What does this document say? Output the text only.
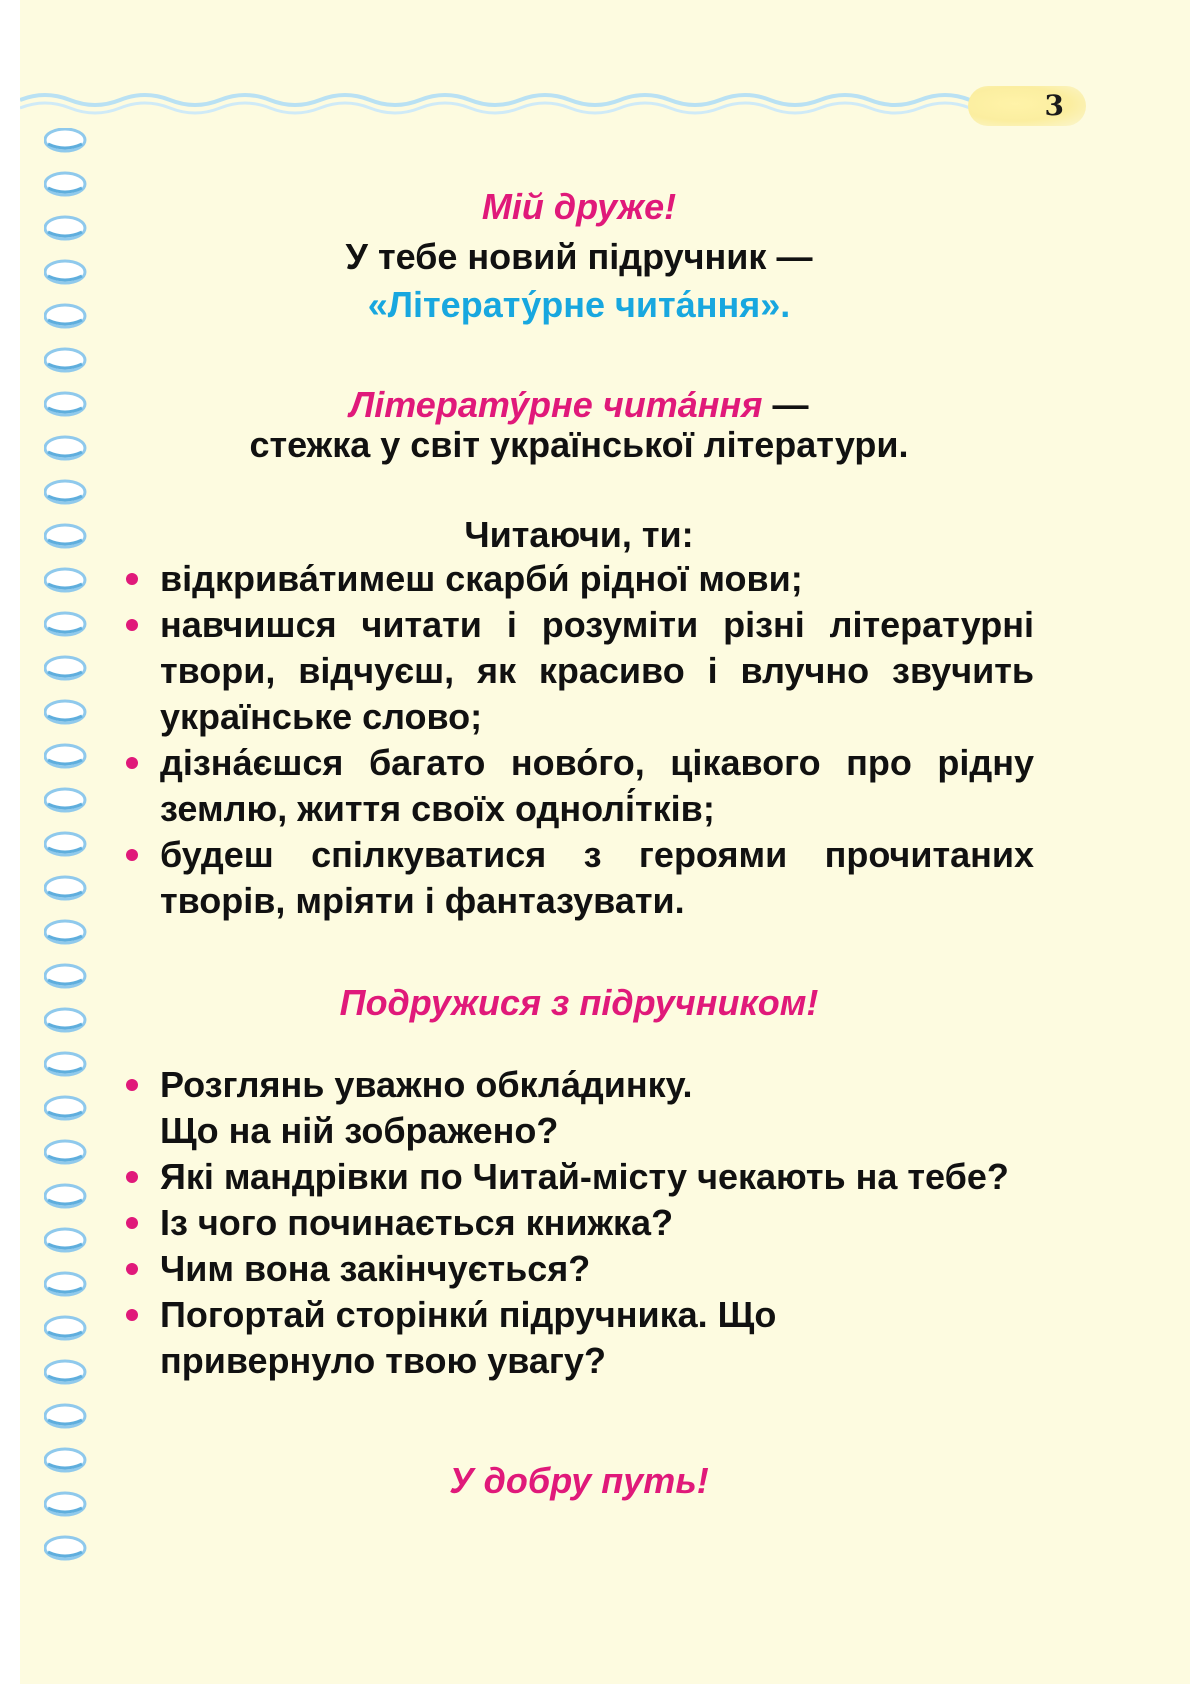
3
Мій друже!
У тебе новий підручник —
«Літерату́рне чита́ння».
Літерату́рне чита́ння —
стежка у світ української літератури.
Читаючи, ти:
відкрива́тимеш скарби́ рідної мови;
навчишся читати і розуміти різні літературні твори, відчуєш, як красиво і влучно звучить українське слово;
дізна́єшся багато ново́го, цікавого про рідну землю, життя своїх однолі́тків;
будеш спілкуватися з героями прочитаних творів, мріяти і фантазувати.
Подружися з підручником!
Розглянь уважно обкла́динку. Що на ній зображено?
Які мандрівки по Читай-місту чекають на тебе?
Із чого починається книжка?
Чим вона закінчується?
Погортай сторінки́ підручника. Що привернуло твою увагу?
У добру путь!
